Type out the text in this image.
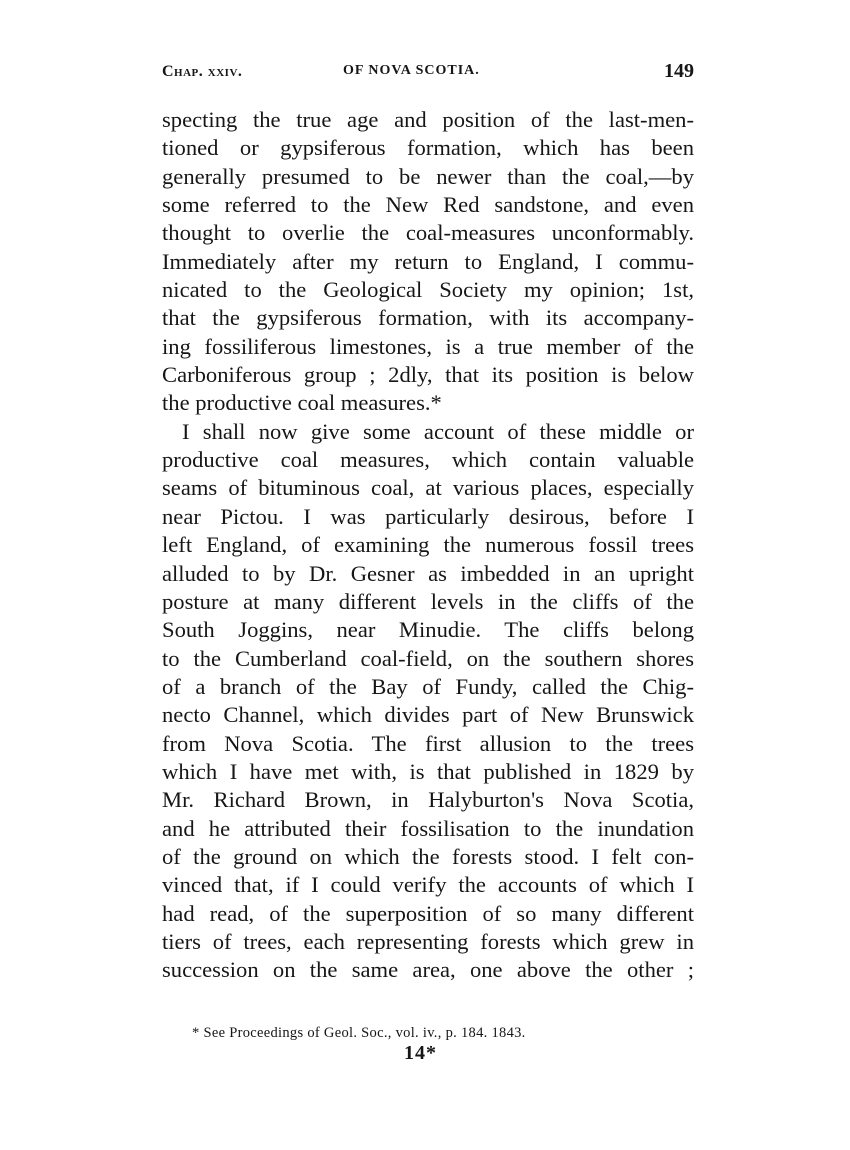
Chap. xxiv.	OF NOVA SCOTIA.	149
specting the true age and position of the last-men-
tioned or gypsiferous formation, which has been
generally presumed to be newer than the coal,—by
some referred to the New Red sandstone, and even
thought to overlie the coal-measures unconformably.
Immediately after my return to England, I commu-
nicated to the Geological Society my opinion; 1st,
that the gypsiferous formation, with its accompany-
ing fossiliferous limestones, is a true member of the
Carboniferous group ; 2dly, that its position is below
the productive coal measures.*
I shall now give some account of these middle or
productive coal measures, which contain valuable
seams of bituminous coal, at various places, especially
near Pictou. I was particularly desirous, before I
left England, of examining the numerous fossil trees
alluded to by Dr. Gesner as imbedded in an upright
posture at many different levels in the cliffs of the
South Joggins, near Minudie. The cliffs belong
to the Cumberland coal-field, on the southern shores
of a branch of the Bay of Fundy, called the Chig-
necto Channel, which divides part of New Brunswick
from Nova Scotia. The first allusion to the trees
which I have met with, is that published in 1829 by
Mr. Richard Brown, in Halyburton's Nova Scotia,
and he attributed their fossilisation to the inundation
of the ground on which the forests stood. I felt con-
vinced that, if I could verify the accounts of which I
had read, of the superposition of so many different
tiers of trees, each representing forests which grew in
succession on the same area, one above the other ;
* See Proceedings of Geol. Soc., vol. iv., p. 184. 1843.
14*
